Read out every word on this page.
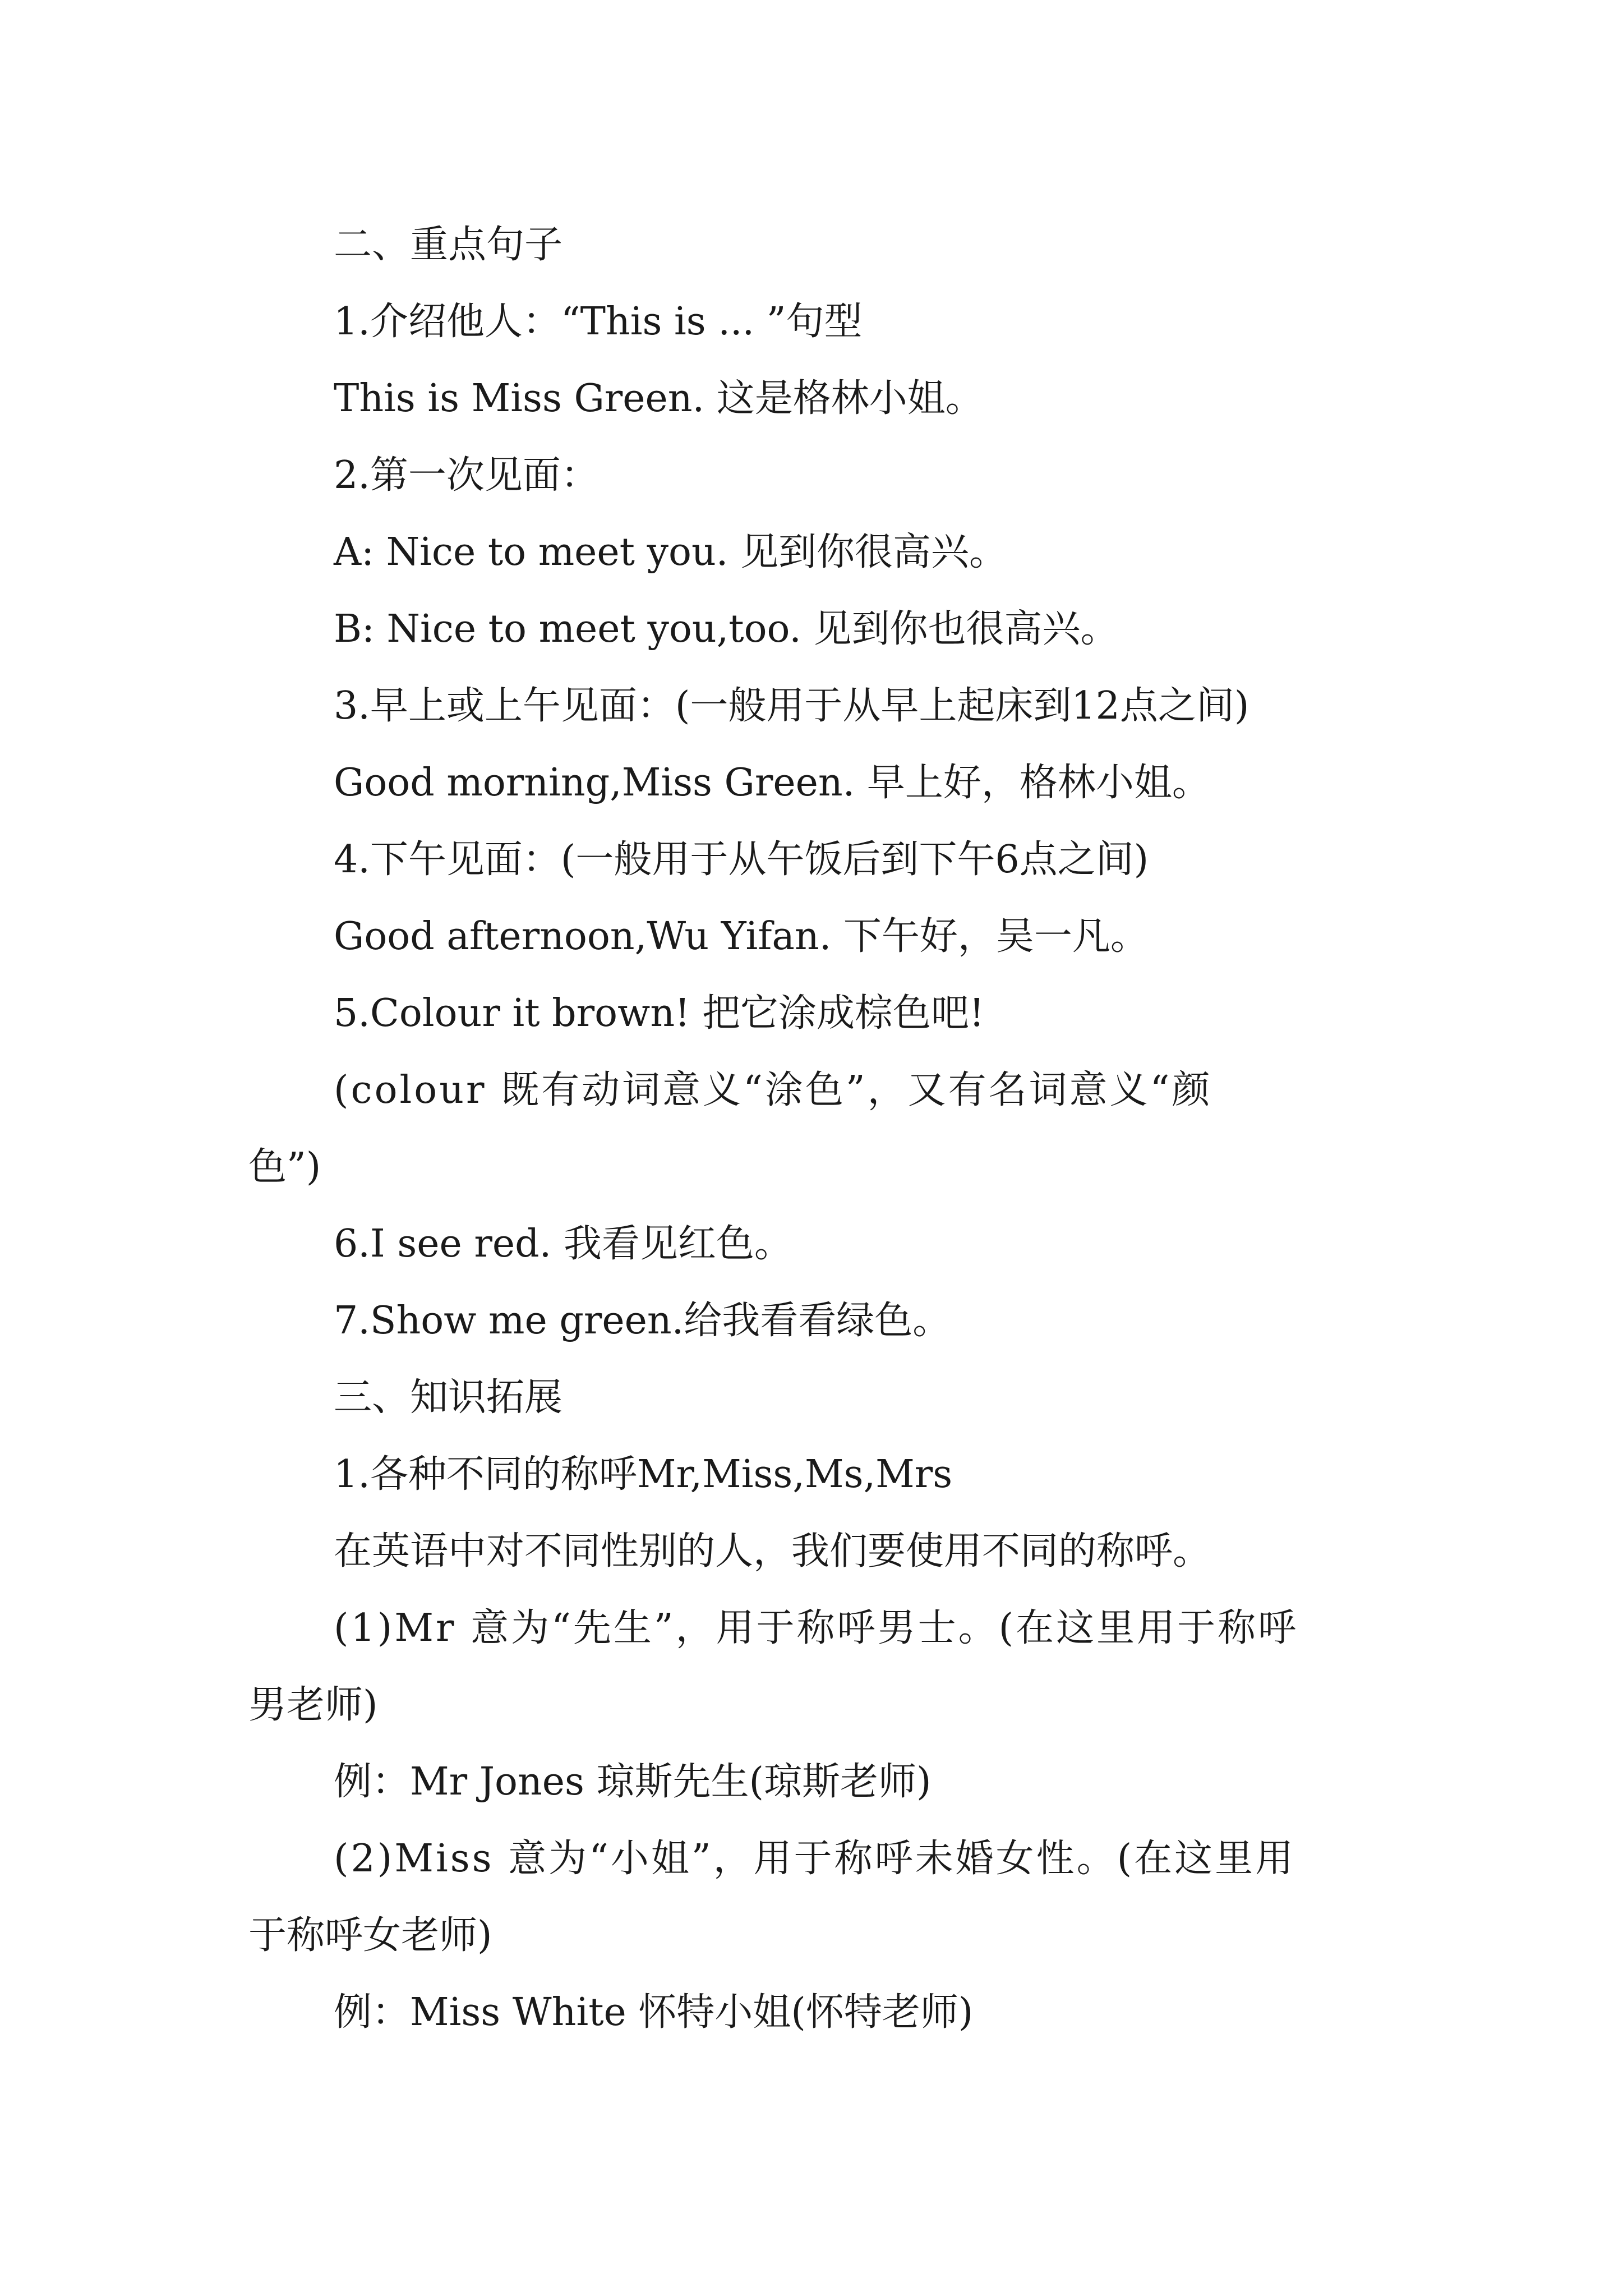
二、重点句子
1.介绍他人：“This is ... ”句型
This is Miss Green. 这是格林小姐。
2.第一次见面：
A: Nice to meet you. 见到你很高兴。
B: Nice to meet you,too. 见到你也很高兴。
3.早上或上午见面：(一般用于从早上起床到12点之间)
Good morning,Miss Green. 早上好，格林小姐。
4.下午见面：(一般用于从午饭后到下午6点之间)
Good afternoon,Wu Yifan. 下午好，吴一凡。
5.Colour it brown! 把它涂成棕色吧!
(colour 既有动词意义“涂色”，又有名词意义“颜
色”)
6.I see red. 我看见红色。
7.Show me green.给我看看绿色。
三、知识拓展
1.各种不同的称呼Mr,Miss,Ms,Mrs
在英语中对不同性别的人，我们要使用不同的称呼。
(1)Mr 意为“先生”，用于称呼男士。(在这里用于称呼
男老师)
例：Mr Jones 琼斯先生(琼斯老师)
(2)Miss 意为“小姐”，用于称呼未婚女性。(在这里用
于称呼女老师)
例：Miss White 怀特小姐(怀特老师)
